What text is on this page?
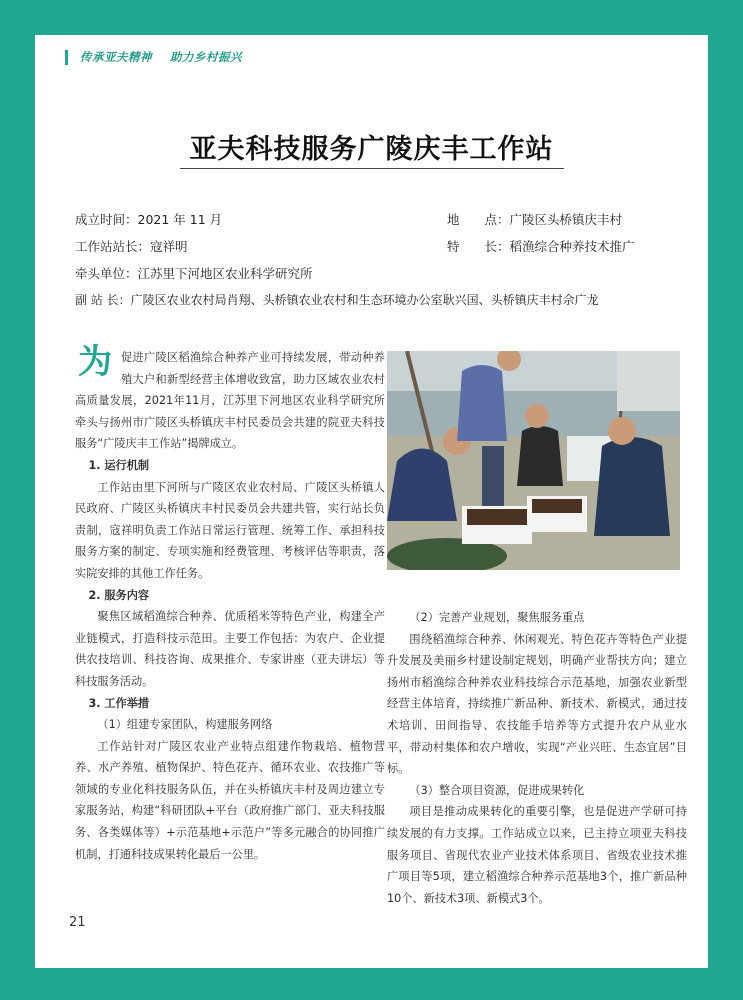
传承亚夫精神 助力乡村振兴
亚夫科技服务广陵庆丰工作站
成立时间：2021 年 11 月	地　　点：广陵区头桥镇庆丰村
工作站站长：寇祥明	特　　长：稻渔综合种养技术推广
牵头单位：江苏里下河地区农业科学研究所
副 站 长：广陵区农业农村局肖翔、头桥镇农业农村和生态环境办公室耿兴国、头桥镇庆丰村佘广龙

为促进广陵区稻渔综合种养产业可持续发展，带动种养殖大户和新型经营主体增收致富，助力区域农业农村高质量发展，2021年11月，江苏里下河地区农业科学研究所牵头与扬州市广陵区头桥镇庆丰村民委员会共建的院亚夫科技服务“广陵庆丰工作站”揭牌成立。

1. 运行机制

工作站由里下河所与广陵区农业农村局、广陵区头桥镇人民政府、广陵区头桥镇庆丰村民委员会共建共管，实行站长负责制，寇祥明负责工作站日常运行管理、统筹工作、承担科技服务方案的制定、专项实施和经费管理、考核评估等职责，落实院安排的其他工作任务。

2. 服务内容

聚焦区域稻渔综合种养、优质稻米等特色产业，构建全产业链模式，打造科技示范田。主要工作包括：为农户、企业提供农技培训、科技咨询、成果推介、专家讲座（亚夫讲坛）等科技服务活动。

3. 工作举措

（1）组建专家团队，构建服务网络

工作站针对广陵区农业产业特点组建作物栽培、植物营养、水产养殖、植物保护、特色花卉、循环农业、农技推广等领域的专业化科技服务队伍，并在头桥镇庆丰村及周边建立专家服务站，构建“科研团队+平台（政府推广部门、亚夫科技服务、各类媒体等）+示范基地+示范户”等多元融合的协同推广机制，打通科技成果转化最后一公里。

（2）完善产业规划，聚焦服务重点

围绕稻渔综合种养、休闲观光、特色花卉等特色产业提升发展及美丽乡村建设制定规划，明确产业帮扶方向；建立扬州市稻渔综合种养农业科技综合示范基地，加强农业新型经营主体培育，持续推广新品种、新技术、新模式，通过技术培训、田间指导、农技能手培养等方式提升农户从业水平，带动村集体和农户增收，实现“产业兴旺、生态宜居”目标。

（3）整合项目资源，促进成果转化

项目是推动成果转化的重要引擎，也是促进产学研可持续发展的有力支撑。工作站成立以来，已主持立项亚夫科技服务项目、省现代农业产业技术体系项目、省级农业技术推广项目等5项，建立稻渔综合种养示范基地3个，推广新品种10个、新技术3项、新模式3个。

21
